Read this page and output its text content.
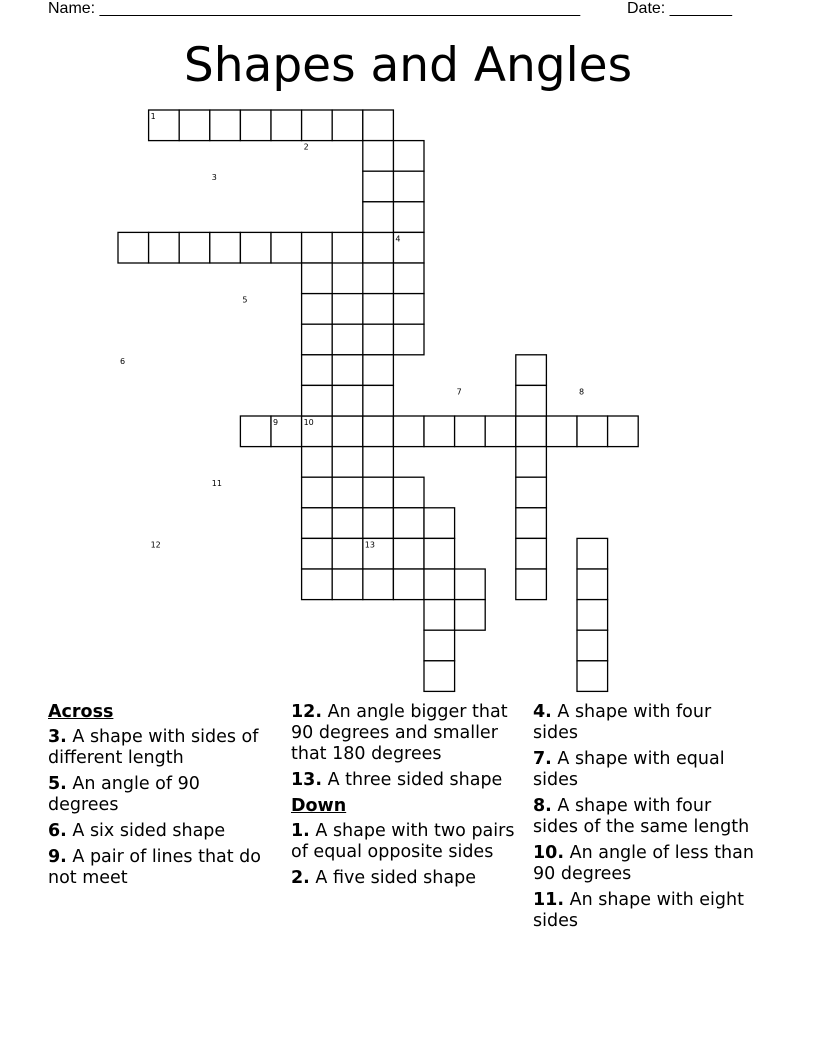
Name: ______________________________________________________	Date: _______
Shapes and Angles
1
2
3
4
5
6
7	8
9	10
11
12	13
Across
3. A shape with sides of different length
5. An angle of 90 degrees
6. A six sided shape
9. A pair of lines that do not meet
12. An angle bigger that 90 degrees and smaller that 180 degrees
13. A three sided shape
Down
1. A shape with two pairs of equal opposite sides
2. A five sided shape
4. A shape with four sides
7. A shape with equal sides
8. A shape with four sides of the same length
10. An angle of less than 90 degrees
11. An shape with eight sides
